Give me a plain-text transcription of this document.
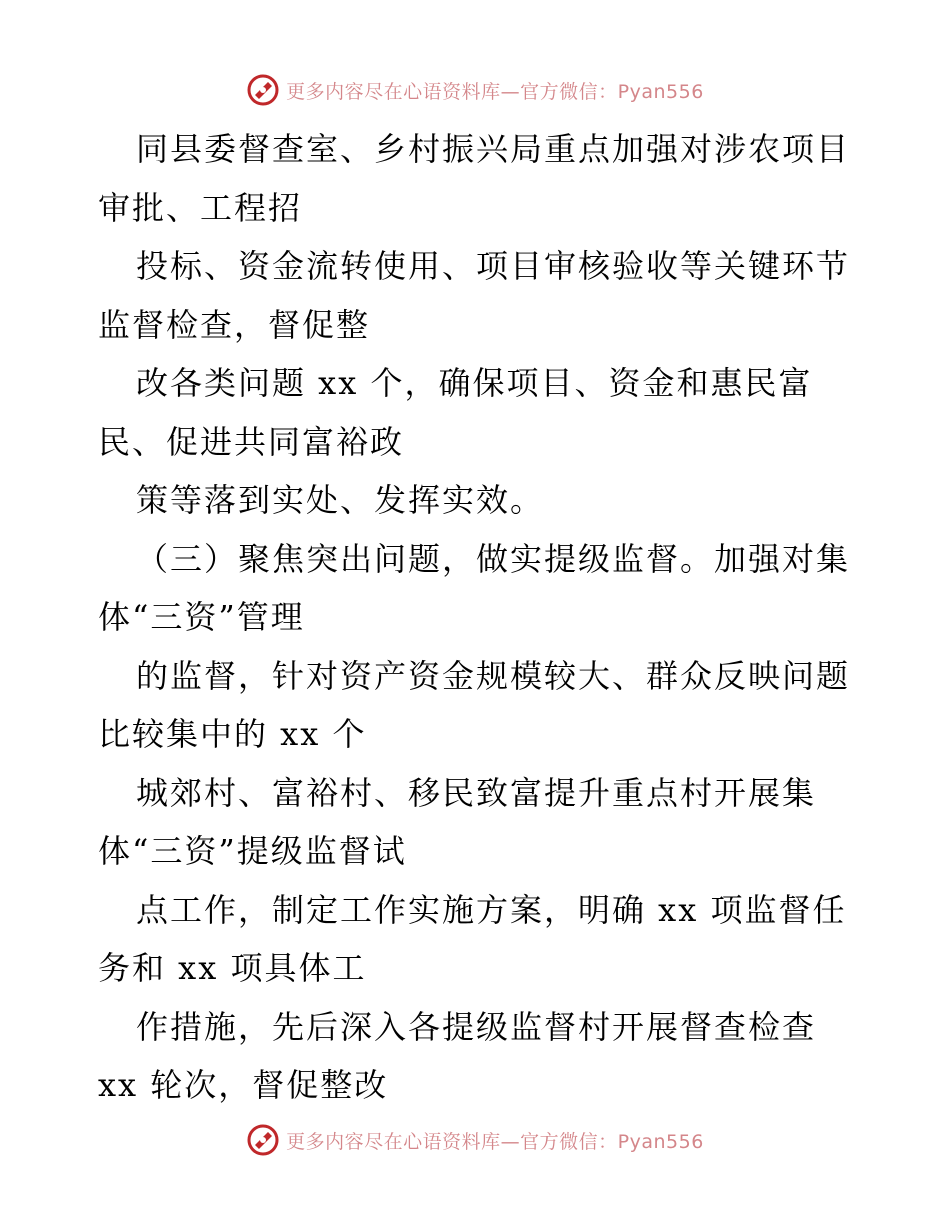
更多内容尽在心语资料库—官方微信：Pyan556
同县委督查室、乡村振兴局重点加强对涉农项目
审批、工程招
投标、资金流转使用、项目审核验收等关键环节
监督检查，督促整
改各类问题 xx 个，确保项目、资金和惠民富
民、促进共同富裕政
策等落到实处、发挥实效。
（三）聚焦突出问题，做实提级监督。加强对集
体“三资”管理
的监督，针对资产资金规模较大、群众反映问题
比较集中的 xx 个
城郊村、富裕村、移民致富提升重点村开展集
体“三资”提级监督试
点工作，制定工作实施方案，明确 xx 项监督任
务和 xx 项具体工
作措施，先后深入各提级监督村开展督查检查
xx 轮次，督促整改
更多内容尽在心语资料库—官方微信：Pyan556
